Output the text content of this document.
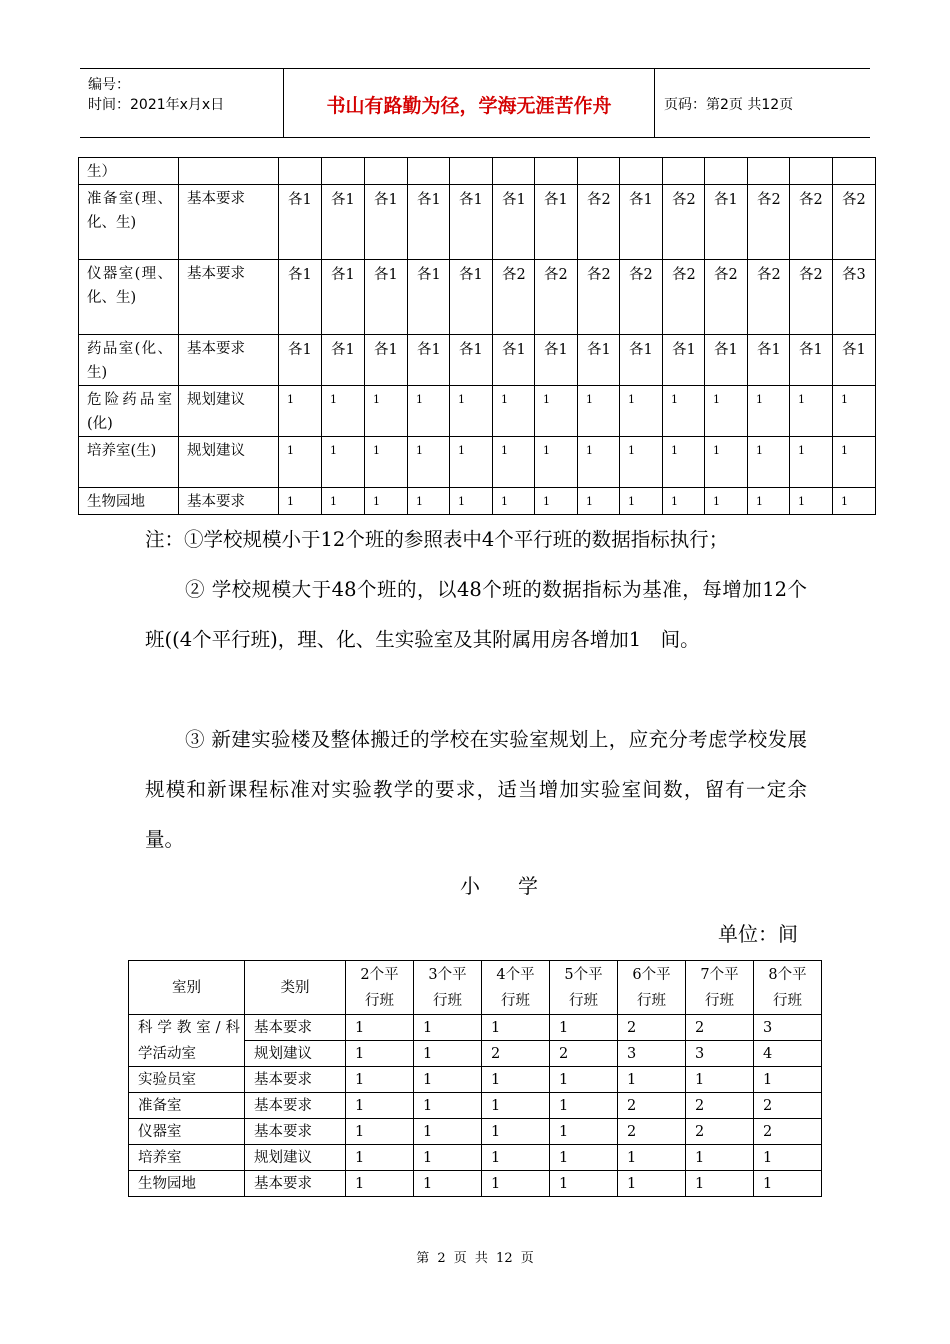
编号：
时间：2021年x月x日	书山有路勤为径，学海无涯苦作舟	页码：第2页 共12页
生）															
准备室(理、化、生)	基本要求	各1	各1	各1	各1	各1	各1	各1	各2	各1	各2	各1	各2	各2	各2
仪器室(理、化、生)	基本要求	各1	各1	各1	各1	各1	各2	各2	各2	各2	各2	各2	各2	各2	各3
药品室(化、生)	基本要求	各1	各1	各1	各1	各1	各1	各1	各1	各1	各1	各1	各1	各1	各1
危险药品室(化)	规划建议	1	1	1	1	1	1	1	1	1	1	1	1	1	1
培养室(生)	规划建议	1	1	1	1	1	1	1	1	1	1	1	1	1	1
生物园地	基本要求	1	1	1	1	1	1	1	1	1	1	1	1	1	1
注：①学校规模小于12个班的参照表中4个平行班的数据指标执行；
② 学校规模大于48个班的，以48个班的数据指标为基准，每增加12个班((4个平行班)，理、化、生实验室及其附属用房各增加1　间。
③ 新建实验楼及整体搬迁的学校在实验室规划上，应充分考虑学校发展规模和新课程标准对实验教学的要求，适当增加实验室间数，留有一定余量。
小学
单位：间
室别	类别	2个平行班	3个平行班	4个平行班	5个平行班	6个平行班	7个平行班	8个平行班
科学教室/科	基本要求	1	1	1	1	2	2	3
学活动室	规划建议	1	1	2	2	3	3	4
实验员室	基本要求	1	1	1	1	1	1	1
准备室	基本要求	1	1	1	1	2	2	2
仪器室	基本要求	1	1	1	1	2	2	2
培养室	规划建议	1	1	1	1	1	1	1
生物园地	基本要求	1	1	1	1	1	1	1
第 2 页 共 12 页
